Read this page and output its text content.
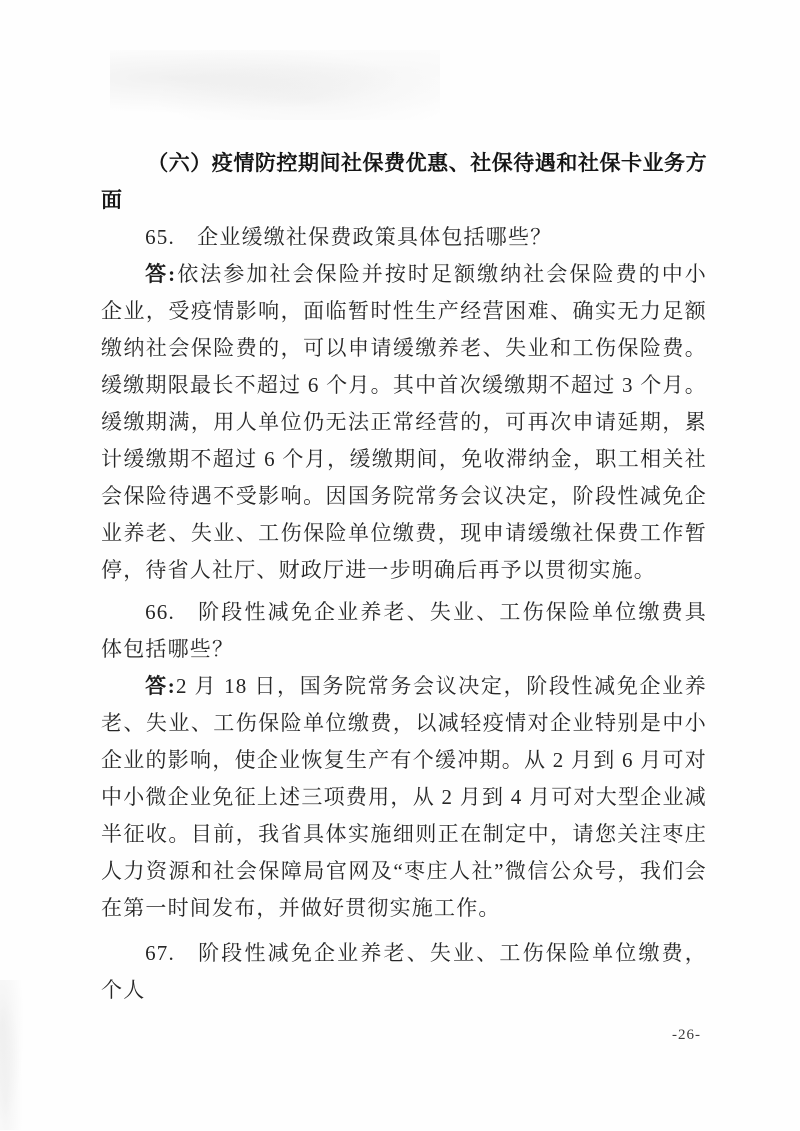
（六）疫情防控期间社保费优惠、社保待遇和社保卡业务方面

65. 企业缓缴社保费政策具体包括哪些？

答:依法参加社会保险并按时足额缴纳社会保险费的中小企业，受疫情影响，面临暂时性生产经营困难、确实无力足额缴纳社会保险费的，可以申请缓缴养老、失业和工伤保险费。缓缴期限最长不超过 6 个月。其中首次缓缴期不超过 3 个月。缓缴期满，用人单位仍无法正常经营的，可再次申请延期，累计缓缴期不超过 6 个月，缓缴期间，免收滞纳金，职工相关社会保险待遇不受影响。因国务院常务会议决定，阶段性减免企业养老、失业、工伤保险单位缴费，现申请缓缴社保费工作暂停，待省人社厅、财政厅进一步明确后再予以贯彻实施。

66. 阶段性减免企业养老、失业、工伤保险单位缴费具体包括哪些？

答:2 月 18 日，国务院常务会议决定，阶段性减免企业养老、失业、工伤保险单位缴费，以减轻疫情对企业特别是中小企业的影响，使企业恢复生产有个缓冲期。从 2 月到 6 月可对中小微企业免征上述三项费用，从 2 月到 4 月可对大型企业减半征收。目前，我省具体实施细则正在制定中，请您关注枣庄人力资源和社会保障局官网及“枣庄人社”微信公众号，我们会在第一时间发布，并做好贯彻实施工作。

67. 阶段性减免企业养老、失业、工伤保险单位缴费，个人

-26-
